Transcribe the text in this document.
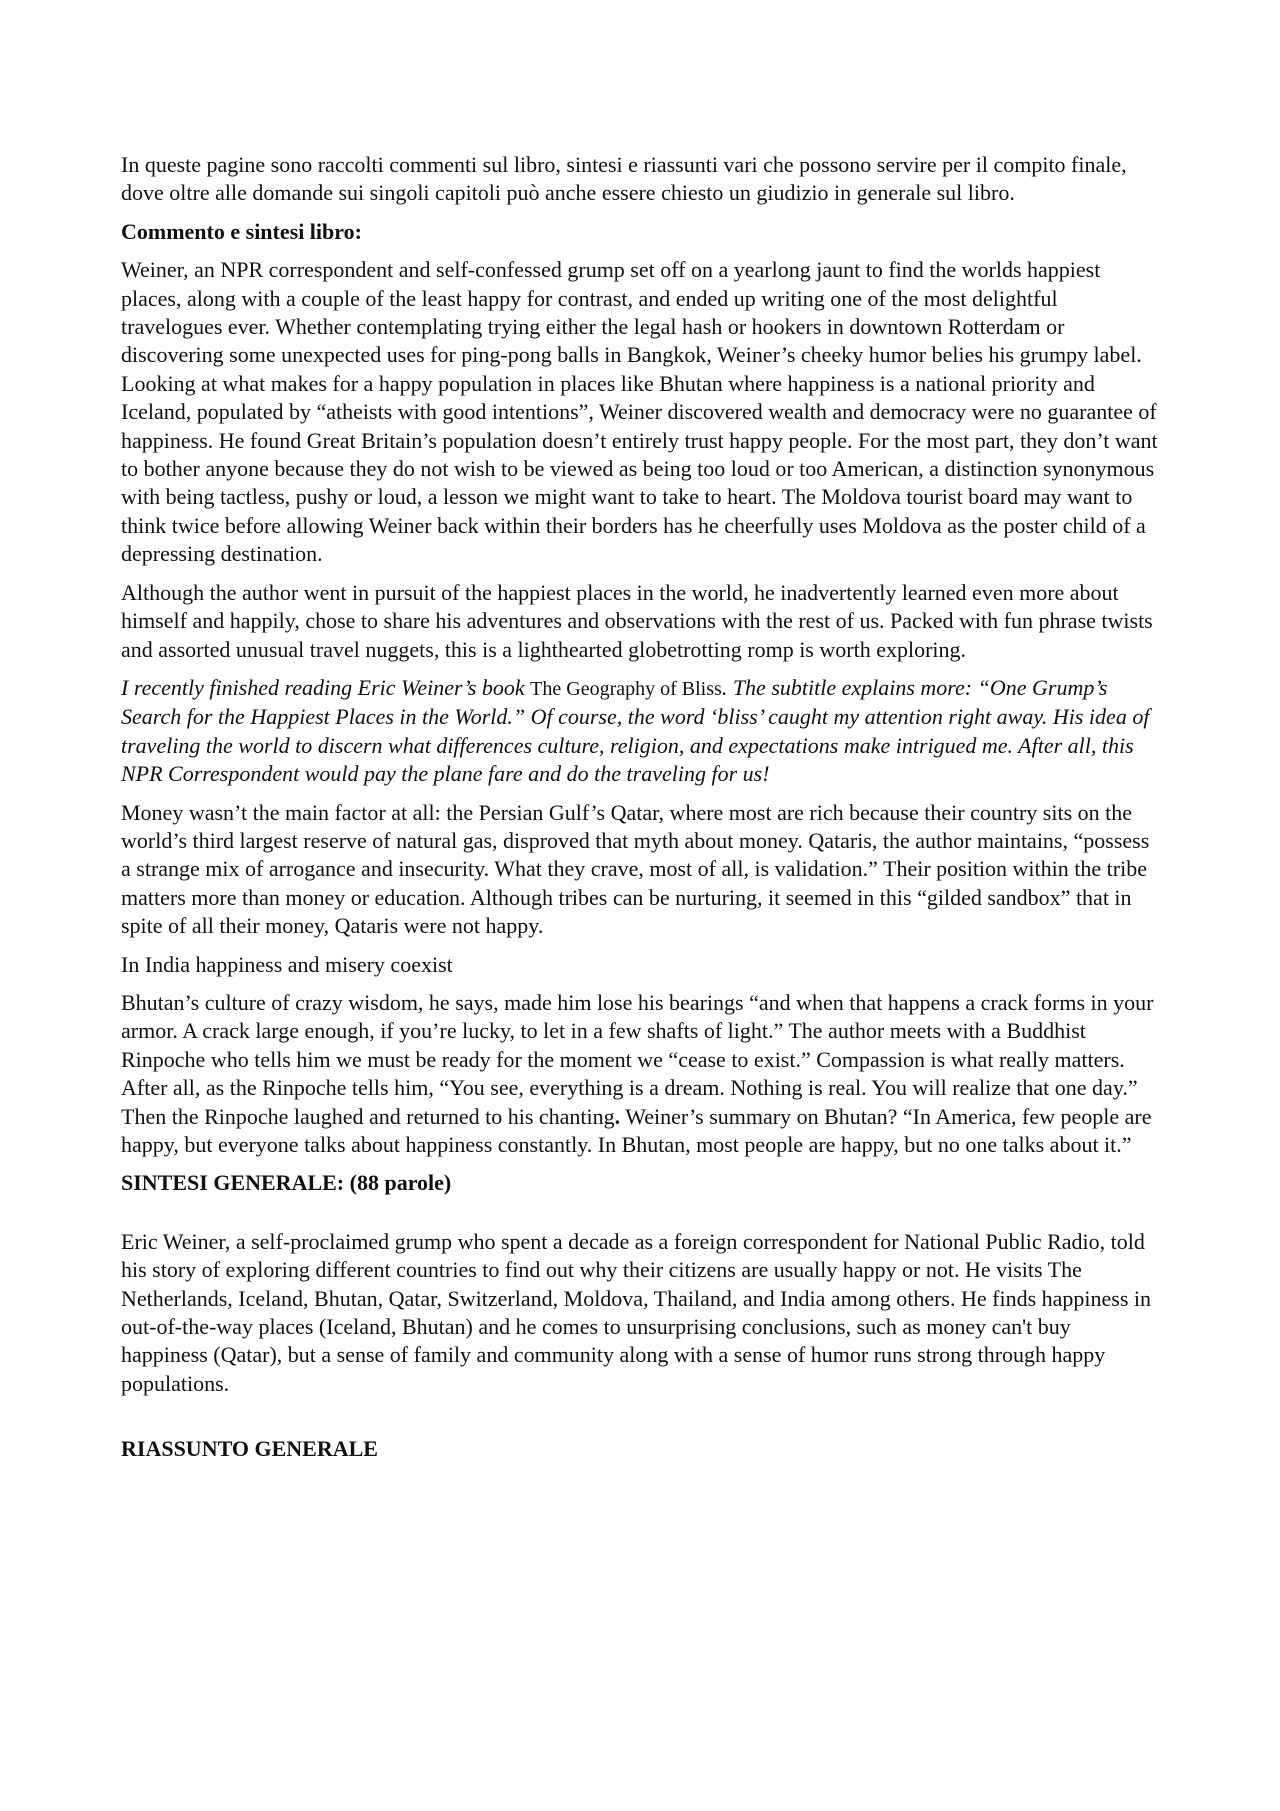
In queste pagine sono raccolti commenti sul libro, sintesi e riassunti vari che possono servire per il compito finale, dove oltre alle domande sui singoli capitoli può anche essere chiesto un giudizio in generale sul libro.

Commento e sintesi libro:

Weiner, an NPR correspondent and self-confessed grump set off on a yearlong jaunt to find the worlds happiest places, along with a couple of the least happy for contrast, and ended up writing one of the most delightful travelogues ever. Whether contemplating trying either the legal hash or hookers in downtown Rotterdam or discovering some unexpected uses for ping-pong balls in Bangkok, Weiner’s cheeky humor belies his grumpy label. Looking at what makes for a happy population in places like Bhutan where happiness is a national priority and Iceland, populated by “atheists with good intentions”, Weiner discovered wealth and democracy were no guarantee of happiness. He found Great Britain’s population doesn’t entirely trust happy people. For the most part, they don’t want to bother anyone because they do not wish to be viewed as being too loud or too American, a distinction synonymous with being tactless, pushy or loud, a lesson we might want to take to heart. The Moldova tourist board may want to think twice before allowing Weiner back within their borders has he cheerfully uses Moldova as the poster child of a depressing destination.

Although the author went in pursuit of the happiest places in the world, he inadvertently learned even more about himself and happily, chose to share his adventures and observations with the rest of us. Packed with fun phrase twists and assorted unusual travel nuggets, this is a lighthearted globetrotting romp is worth exploring.

I recently finished reading Eric Weiner’s book The Geography of Bliss. The subtitle explains more: “One Grump’s Search for the Happiest Places in the World.” Of course, the word ‘bliss’ caught my attention right away. His idea of traveling the world to discern what differences culture, religion, and expectations make intrigued me. After all, this NPR Correspondent would pay the plane fare and do the traveling for us!

Money wasn’t the main factor at all: the Persian Gulf’s Qatar, where most are rich because their country sits on the world’s third largest reserve of natural gas, disproved that myth about money. Qataris, the author maintains, “possess a strange mix of arrogance and insecurity. What they crave, most of all, is validation.” Their position within the tribe matters more than money or education. Although tribes can be nurturing, it seemed in this “gilded sandbox” that in spite of all their money, Qataris were not happy.

In India happiness and misery coexist

Bhutan’s culture of crazy wisdom, he says, made him lose his bearings “and when that happens a crack forms in your armor. A crack large enough, if you’re lucky, to let in a few shafts of light.” The author meets with a Buddhist Rinpoche who tells him we must be ready for the moment we “cease to exist.” Compassion is what really matters. After all, as the Rinpoche tells him, “You see, everything is a dream. Nothing is real. You will realize that one day.” Then the Rinpoche laughed and returned to his chanting. Weiner’s summary on Bhutan? “In America, few people are happy, but everyone talks about happiness constantly. In Bhutan, most people are happy, but no one talks about it.”

SINTESI GENERALE: (88 parole)

Eric Weiner, a self-proclaimed grump who spent a decade as a foreign correspondent for National Public Radio, told his story of exploring different countries to find out why their citizens are usually happy or not. He visits The Netherlands, Iceland, Bhutan, Qatar, Switzerland, Moldova, Thailand, and India among others. He finds happiness in out-of-the-way places (Iceland, Bhutan) and he comes to unsurprising conclusions, such as money can't buy happiness (Qatar), but a sense of family and community along with a sense of humor runs strong through happy populations.

RIASSUNTO GENERALE
